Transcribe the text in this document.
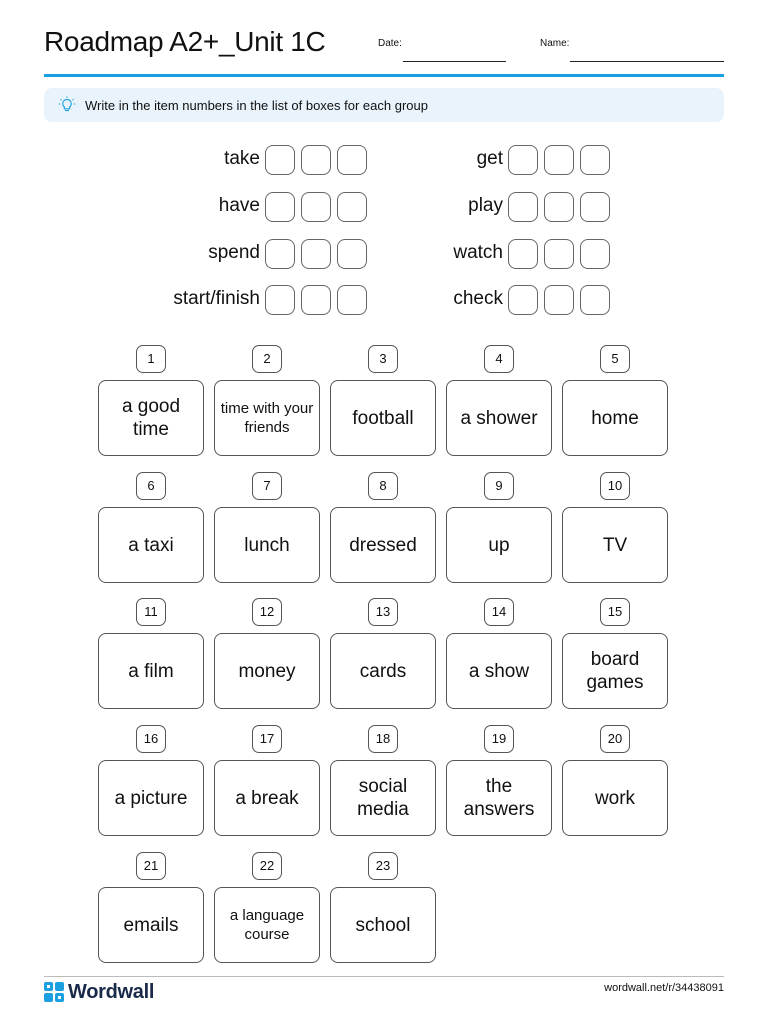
Roadmap A2+_Unit 1C	Date:	Name:
Write in the item numbers in the list of boxes for each group
take	get
have	play
spend	watch
start/finish	check
1
a good time
2
time with your friends
3
football
4
a shower
5
home
6
a taxi
7
lunch
8
dressed
9
up
10
TV
11
a film
12
money
13
cards
14
a show
15
board games
16
a picture
17
a break
18
social media
19
the answers
20
work
21
emails
22
a language course
23
school
Wordwall	wordwall.net/r/34438091
